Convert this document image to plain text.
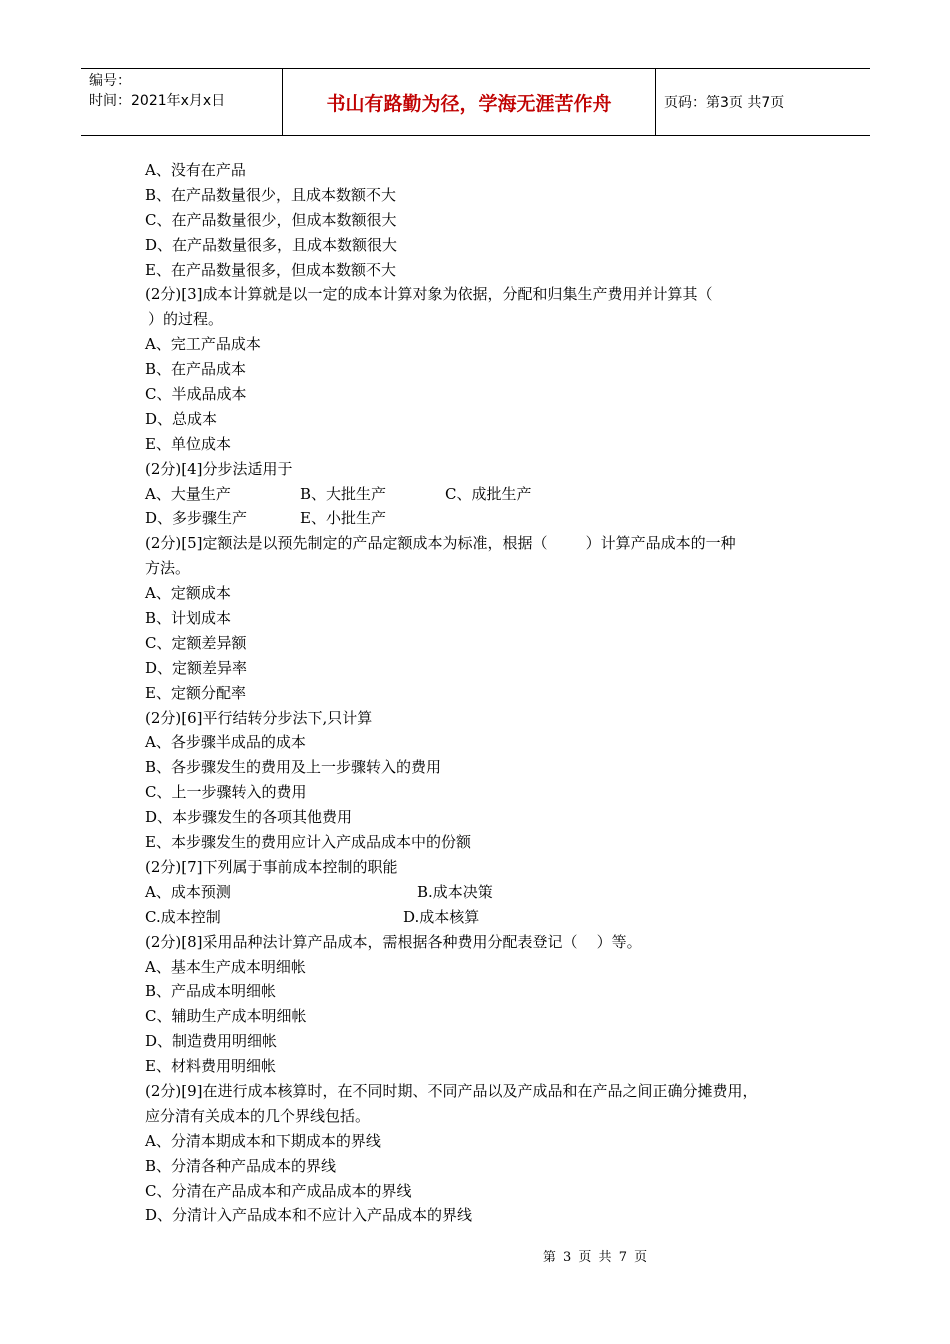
编号：
时间：2021年x月x日	书山有路勤为径，学海无涯苦作舟	页码：第3页 共7页
A、没有在产品
B、在产品数量很少，且成本数额不大
C、在产品数量很少，但成本数额很大
D、在产品数量很多，且成本数额很大
E、在产品数量很多，但成本数额不大
(2分)[3]成本计算就是以一定的成本计算对象为依据，分配和归集生产费用并计算其（
）的过程。
A、完工产品成本
B、在产品成本
C、半成品成本
D、总成本
E、单位成本
(2分)[4]分步法适用于
A、大量生产	B、大批生产	C、成批生产
D、多步骤生产	E、小批生产
(2分)[5]定额法是以预先制定的产品定额成本为标准，根据（        ）计算产品成本的一种
方法。
A、定额成本
B、计划成本
C、定额差异额
D、定额差异率
E、定额分配率
(2分)[6]平行结转分步法下,只计算
A、各步骤半成品的成本
B、各步骤发生的费用及上一步骤转入的费用
C、上一步骤转入的费用
D、本步骤发生的各项其他费用
E、本步骤发生的费用应计入产成品成本中的份额
(2分)[7]下列属于事前成本控制的职能
A、成本预测	B.成本决策
C.成本控制	D.成本核算
(2分)[8]采用品种法计算产品成本，需根据各种费用分配表登记（    ）等。
A、基本生产成本明细帐
B、产品成本明细帐
C、辅助生产成本明细帐
D、制造费用明细帐
E、材料费用明细帐
(2分)[9]在进行成本核算时，在不同时期、不同产品以及产成品和在产品之间正确分摊费用，
应分清有关成本的几个界线包括。
A、分清本期成本和下期成本的界线
B、分清各种产品成本的界线
C、分清在产品成本和产成品成本的界线
D、分清计入产品成本和不应计入产品成本的界线
第 3 页 共 7 页
